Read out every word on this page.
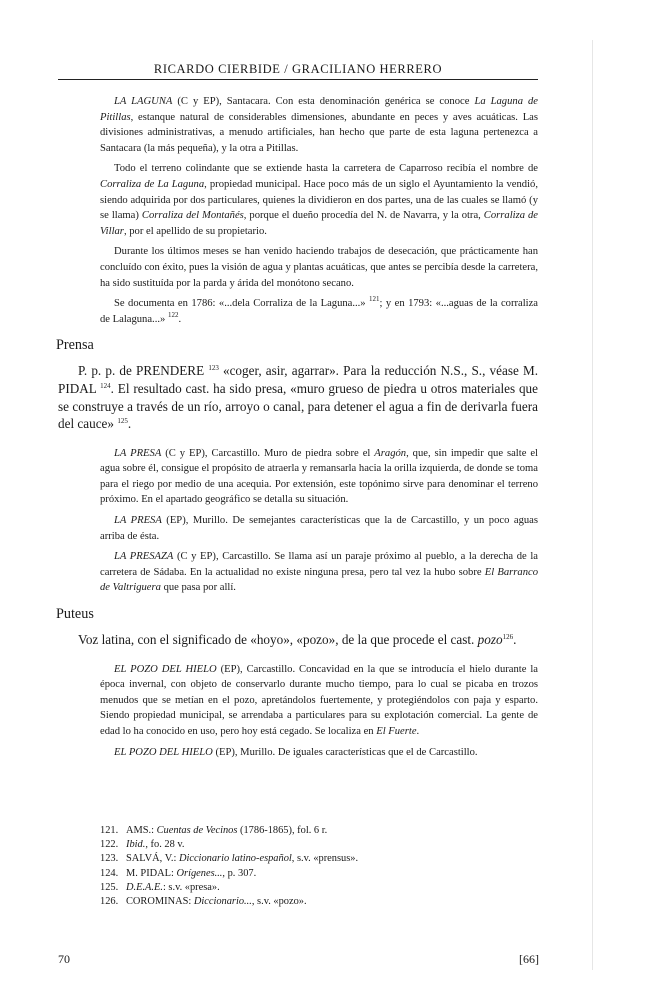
RICARDO CIERBIDE / GRACILIANO HERRERO

LA LAGUNA (C y EP), Santacara. Con esta denominación genérica se conoce La Laguna de Pitillas, estanque natural de considerables dimensiones, abundante en peces y aves acuáticas. Las divisiones administrativas, a menudo artificiales, han hecho que parte de esta laguna pertenezca a Santacara (la más pequeña), y la otra a Pitillas.

Todo el terreno colindante que se extiende hasta la carretera de Caparroso recibía el nombre de Corraliza de La Laguna, propiedad municipal. Hace poco más de un siglo el Ayuntamiento la vendió, siendo adquirida por dos particulares, quienes la dividieron en dos partes, una de las cuales se llamó (y se llama) Corraliza del Montañés, porque el dueño procedía del N. de Navarra, y la otra, Corraliza de Villar, por el apellido de su propietario.

Durante los últimos meses se han venido haciendo trabajos de desecación, que prácticamente han concluído con éxito, pues la visión de agua y plantas acuáticas, que antes se percibía desde la carretera, ha sido sustituída por la parda y árida del monótono secano.

Se documenta en 1786: «...dela Corraliza de la Laguna...» $^{121}$; y en 1793: «...aguas de la corraliza de Lalaguna...» $^{122}$.

Prensa

P. p. p. de PRENDERE $^{123}$ «coger, asir, agarrar». Para la reducción N.S., S., véase M. PIDAL $^{124}$. El resultado cast. ha sido presa, «muro grueso de piedra u otros materiales que se construye a través de un río, arroyo o canal, para detener el agua a fin de derivarla fuera del cauce» $^{125}$.

LA PRESA (C y EP), Carcastillo. Muro de piedra sobre el Aragón, que, sin impedir que salte el agua sobre él, consigue el propósito de atraerla y remansarla hacia la orilla izquierda, de donde se toma para el riego por medio de una acequia. Por extensión, este topónimo sirve para denominar el terreno próximo. En el apartado geográfico se detalla su situación.

LA PRESA (EP), Murillo. De semejantes características que la de Carcastillo, y un poco aguas arriba de ésta.

LA PRESAZA (C y EP), Carcastillo. Se llama así un paraje próximo al pueblo, a la derecha de la carretera de Sádaba. En la actualidad no existe ninguna presa, pero tal vez la hubo sobre El Barranco de Valtriguera que pasa por allí.

Puteus

Voz latina, con el significado de «hoyo», «pozo», de la que procede el cast. pozo$^{126}$.

EL POZO DEL HIELO (EP), Carcastillo. Concavidad en la que se introducía el hielo durante la época invernal, con objeto de conservarlo durante mucho tiempo, para lo cual se picaba en trozos menudos que se metían en el pozo, apretándolos fuertemente, y protegiéndolos con paja y esparto. Siendo propiedad municipal, se arrendaba a particulares para su explotación comercial. La gente de edad lo ha conocido en uso, pero hoy está cegado. Se localiza en El Fuerte.

EL POZO DEL HIELO (EP), Murillo. De iguales características que el de Carcastillo.

121. AMS.: Cuentas de Vecinos (1786-1865), fol. 6 r.
122. Ibid., fo. 28 v.
123. SALVÁ, V.: Diccionario latino-español, s.v. «prensus».
124. M. PIDAL: Orígenes..., p. 307.
125. D.E.A.E.: s.v. «presa».
126. COROMINAS: Diccionario..., s.v. «pozo».
70	[66]
